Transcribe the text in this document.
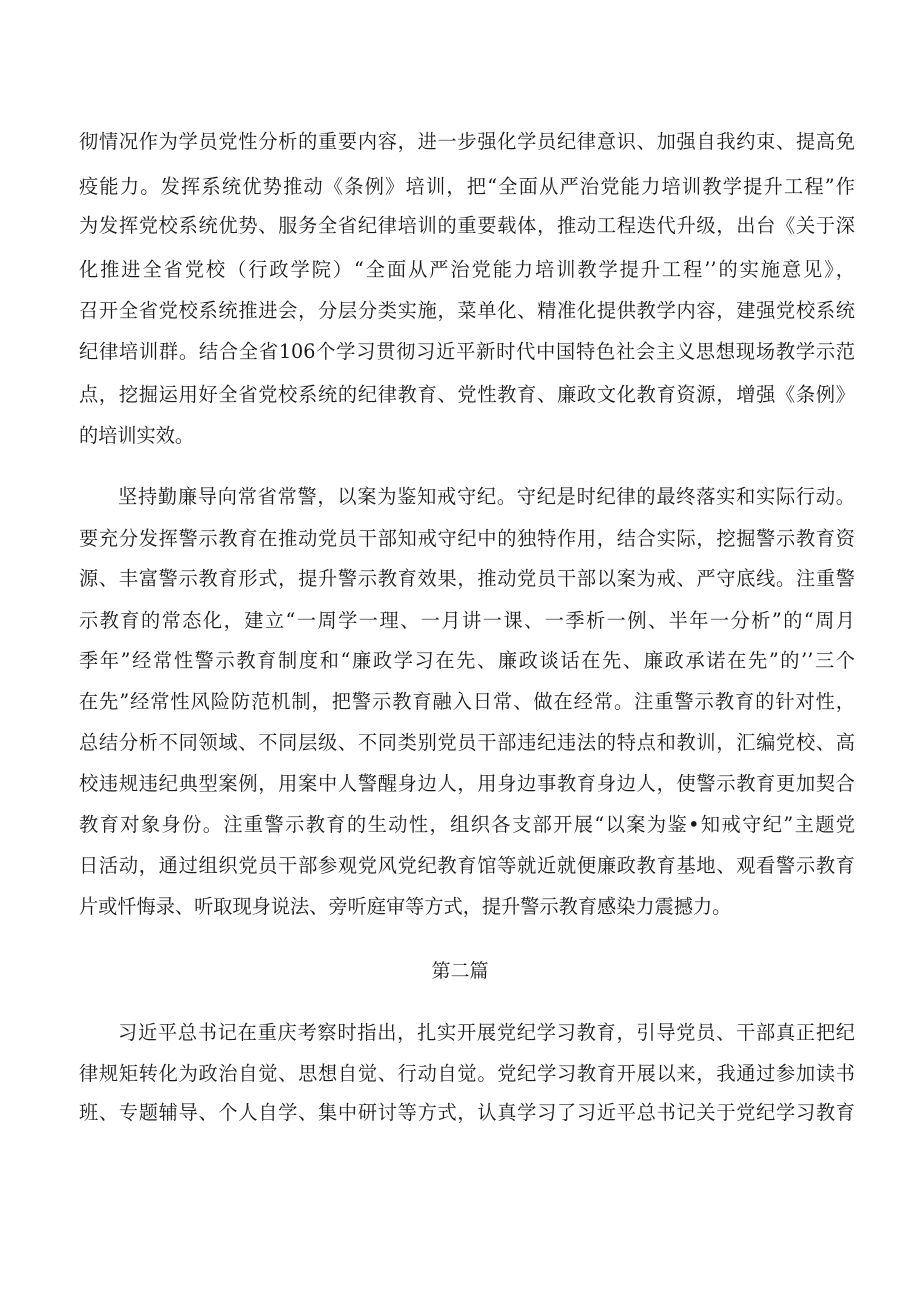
彻情况作为学员党性分析的重要内容，进一步强化学员纪律意识、加强自我约束、提高免
疫能力。发挥系统优势推动《条例》培训，把“全面从严治党能力培训教学提升工程”作
为发挥党校系统优势、服务全省纪律培训的重要载体，推动工程迭代升级，出台《关于深
化推进全省党校（行政学院）“全面从严治党能力培训教学提升工程’’的实施意见》，
召开全省党校系统推进会，分层分类实施，菜单化、精准化提供教学内容，建强党校系统
纪律培训群。结合全省106个学习贯彻习近平新时代中国特色社会主义思想现场教学示范
点，挖掘运用好全省党校系统的纪律教育、党性教育、廉政文化教育资源，增强《条例》
的培训实效。
坚持勤廉导向常省常警，以案为鉴知戒守纪。守纪是时纪律的最终落实和实际行动。
要充分发挥警示教育在推动党员干部知戒守纪中的独特作用，结合实际，挖掘警示教育资
源、丰富警示教育形式，提升警示教育效果，推动党员干部以案为戒、严守底线。注重警
示教育的常态化，建立“一周学一理、一月讲一课、一季析一例、半年一分析”的“周月
季年”经常性警示教育制度和“廉政学习在先、廉政谈话在先、廉政承诺在先”的’’三个
在先”经常性风险防范机制，把警示教育融入日常、做在经常。注重警示教育的针对性，
总结分析不同领域、不同层级、不同类别党员干部违纪违法的特点和教训，汇编党校、高
校违规违纪典型案例，用案中人警醒身边人，用身边事教育身边人，使警示教育更加契合
教育对象身份。注重警示教育的生动性，组织各支部开展“以案为鉴•知戒守纪”主题党
日活动，通过组织党员干部参观党风党纪教育馆等就近就便廉政教育基地、观看警示教育
片或忏悔录、听取现身说法、旁听庭审等方式，提升警示教育感染力震撼力。
第二篇
习近平总书记在重庆考察时指出，扎实开展党纪学习教育，引导党员、干部真正把纪
律规矩转化为政治自觉、思想自觉、行动自觉。党纪学习教育开展以来，我通过参加读书
班、专题辅导、个人自学、集中研讨等方式，认真学习了习近平总书记关于党纪学习教育
